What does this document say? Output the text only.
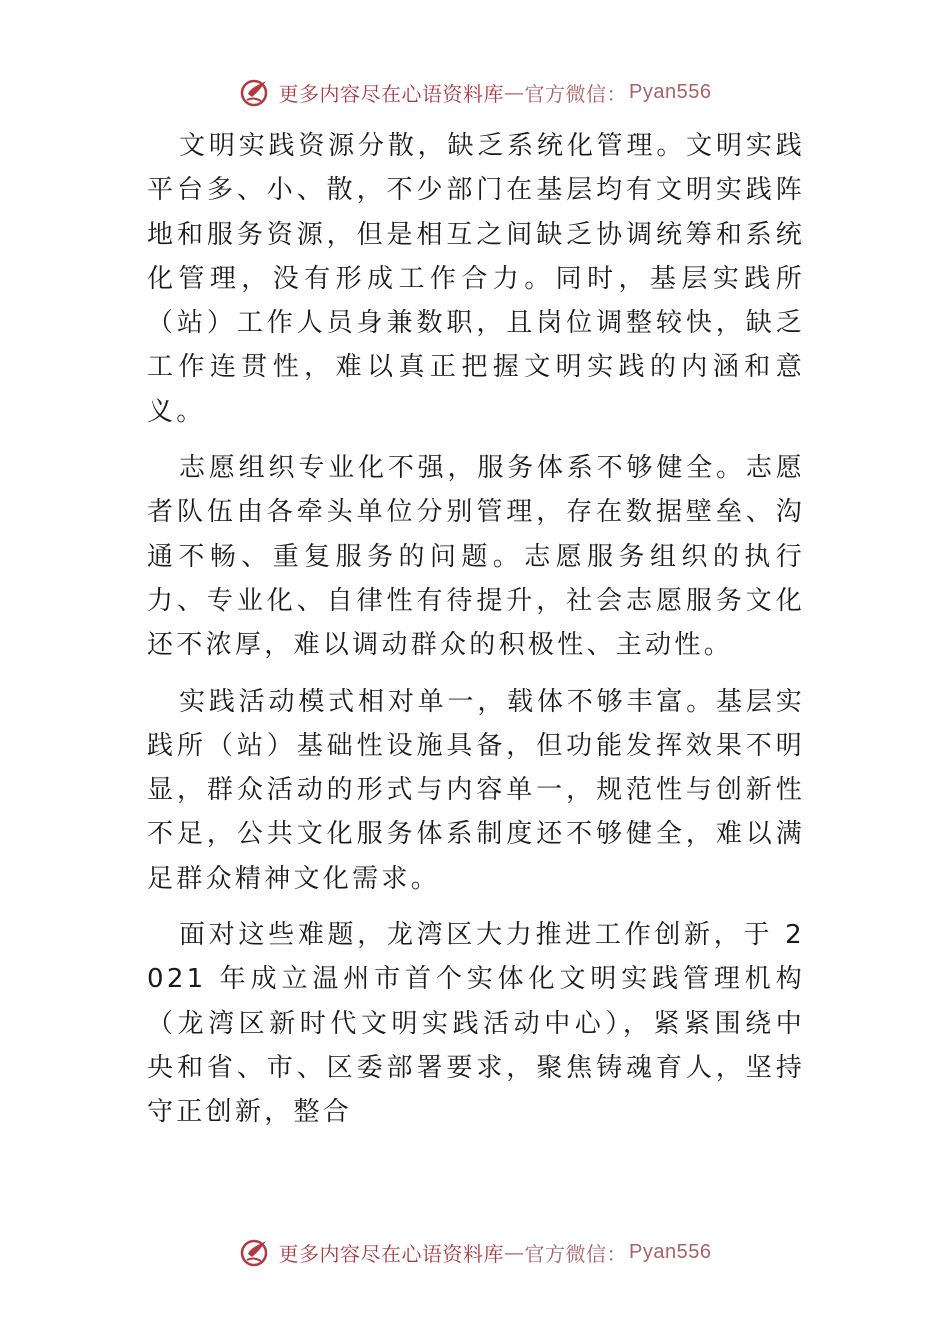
更多内容尽在心语资料库 — 官方微信： Pyan556

文明实践资源分散，缺乏系统化管理。文明实践平台多、小、散，不少部门在基层均有文明实践阵地和服务资源，但是相互之间缺乏协调统筹和系统化管理，没有形成工作合力。同时，基层实践所（站）工作人员身兼数职，且岗位调整较快，缺乏工作连贯性，难以真正把握文明实践的内涵和意义。

志愿组织专业化不强，服务体系不够健全。志愿者队伍由各牵头单位分别管理，存在数据壁垒、沟通不畅、重复服务的问题。志愿服务组织的执行力、专业化、自律性有待提升，社会志愿服务文化还不浓厚，难以调动群众的积极性、主动性。

实践活动模式相对单一，载体不够丰富。基层实践所（站）基础性设施具备，但功能发挥效果不明显，群众活动的形式与内容单一，规范性与创新性不足，公共文化服务体系制度还不够健全，难以满足群众精神文化需求。

面对这些难题，龙湾区大力推进工作创新，于 2021 年成立温州市首个实体化文明实践管理机构（龙湾区新时代文明实践活动中心），紧紧围绕中央和省、市、区委部署要求，聚焦铸魂育人，坚持守正创新，整合

更多内容尽在心语资料库 — 官方微信： Pyan556
